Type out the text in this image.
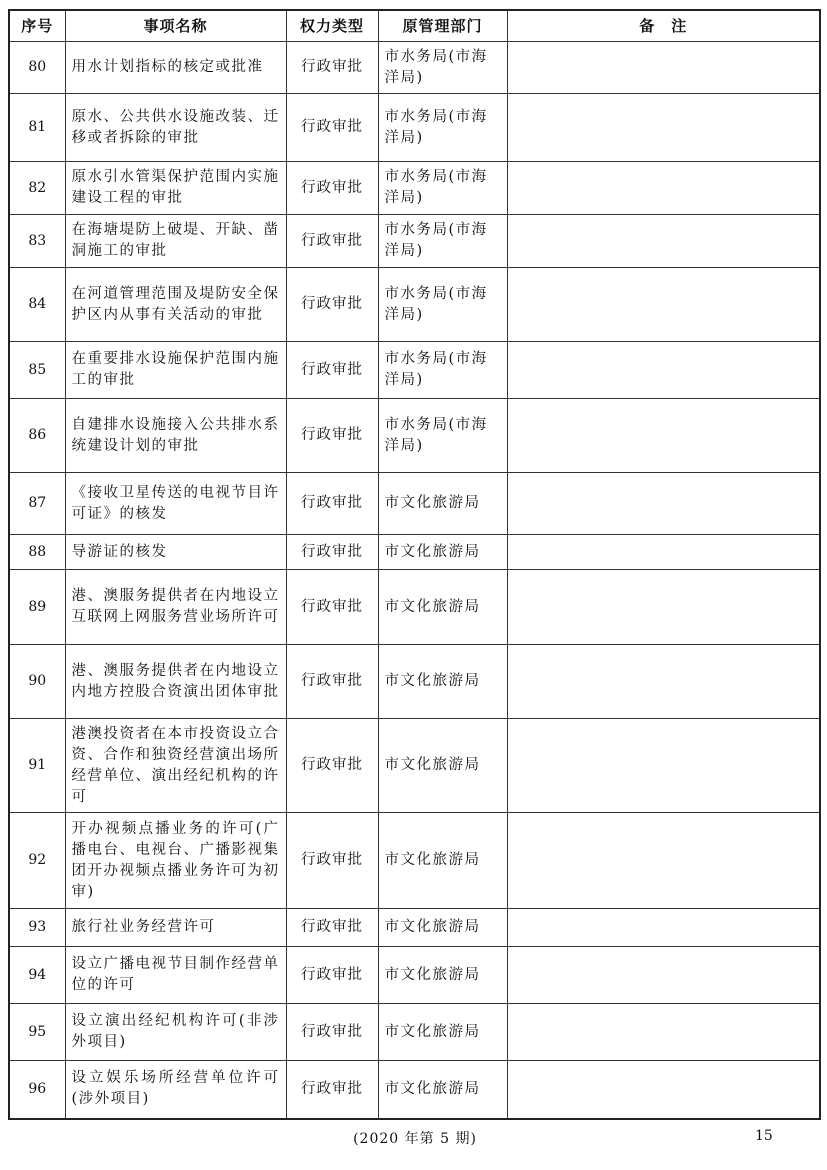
序号	事项名称	权力类型	原管理部门	备　注
80	用水计划指标的核定或批准	行政审批	市水务局(市海洋局)	
81	原水、公共供水设施改装、迁移或者拆除的审批	行政审批	市水务局(市海洋局)	
82	原水引水管渠保护范围内实施建设工程的审批	行政审批	市水务局(市海洋局)	
83	在海塘堤防上破堤、开缺、凿洞施工的审批	行政审批	市水务局(市海洋局)	
84	在河道管理范围及堤防安全保护区内从事有关活动的审批	行政审批	市水务局(市海洋局)	
85	在重要排水设施保护范围内施工的审批	行政审批	市水务局(市海洋局)	
86	自建排水设施接入公共排水系统建设计划的审批	行政审批	市水务局(市海洋局)	
87	《接收卫星传送的电视节目许可证》的核发	行政审批	市文化旅游局	
88	导游证的核发	行政审批	市文化旅游局	
89	港、澳服务提供者在内地设立互联网上网服务营业场所许可	行政审批	市文化旅游局	
90	港、澳服务提供者在内地设立内地方控股合资演出团体审批	行政审批	市文化旅游局	
91	港澳投资者在本市投资设立合资、合作和独资经营演出场所经营单位、演出经纪机构的许可	行政审批	市文化旅游局	
92	开办视频点播业务的许可(广播电台、电视台、广播影视集团开办视频点播业务许可为初审)	行政审批	市文化旅游局	
93	旅行社业务经营许可	行政审批	市文化旅游局	
94	设立广播电视节目制作经营单位的许可	行政审批	市文化旅游局	
95	设立演出经纪机构许可(非涉外项目)	行政审批	市文化旅游局	
96	设立娱乐场所经营单位许可(涉外项目)	行政审批	市文化旅游局	
(2020 年第 5 期)	15
